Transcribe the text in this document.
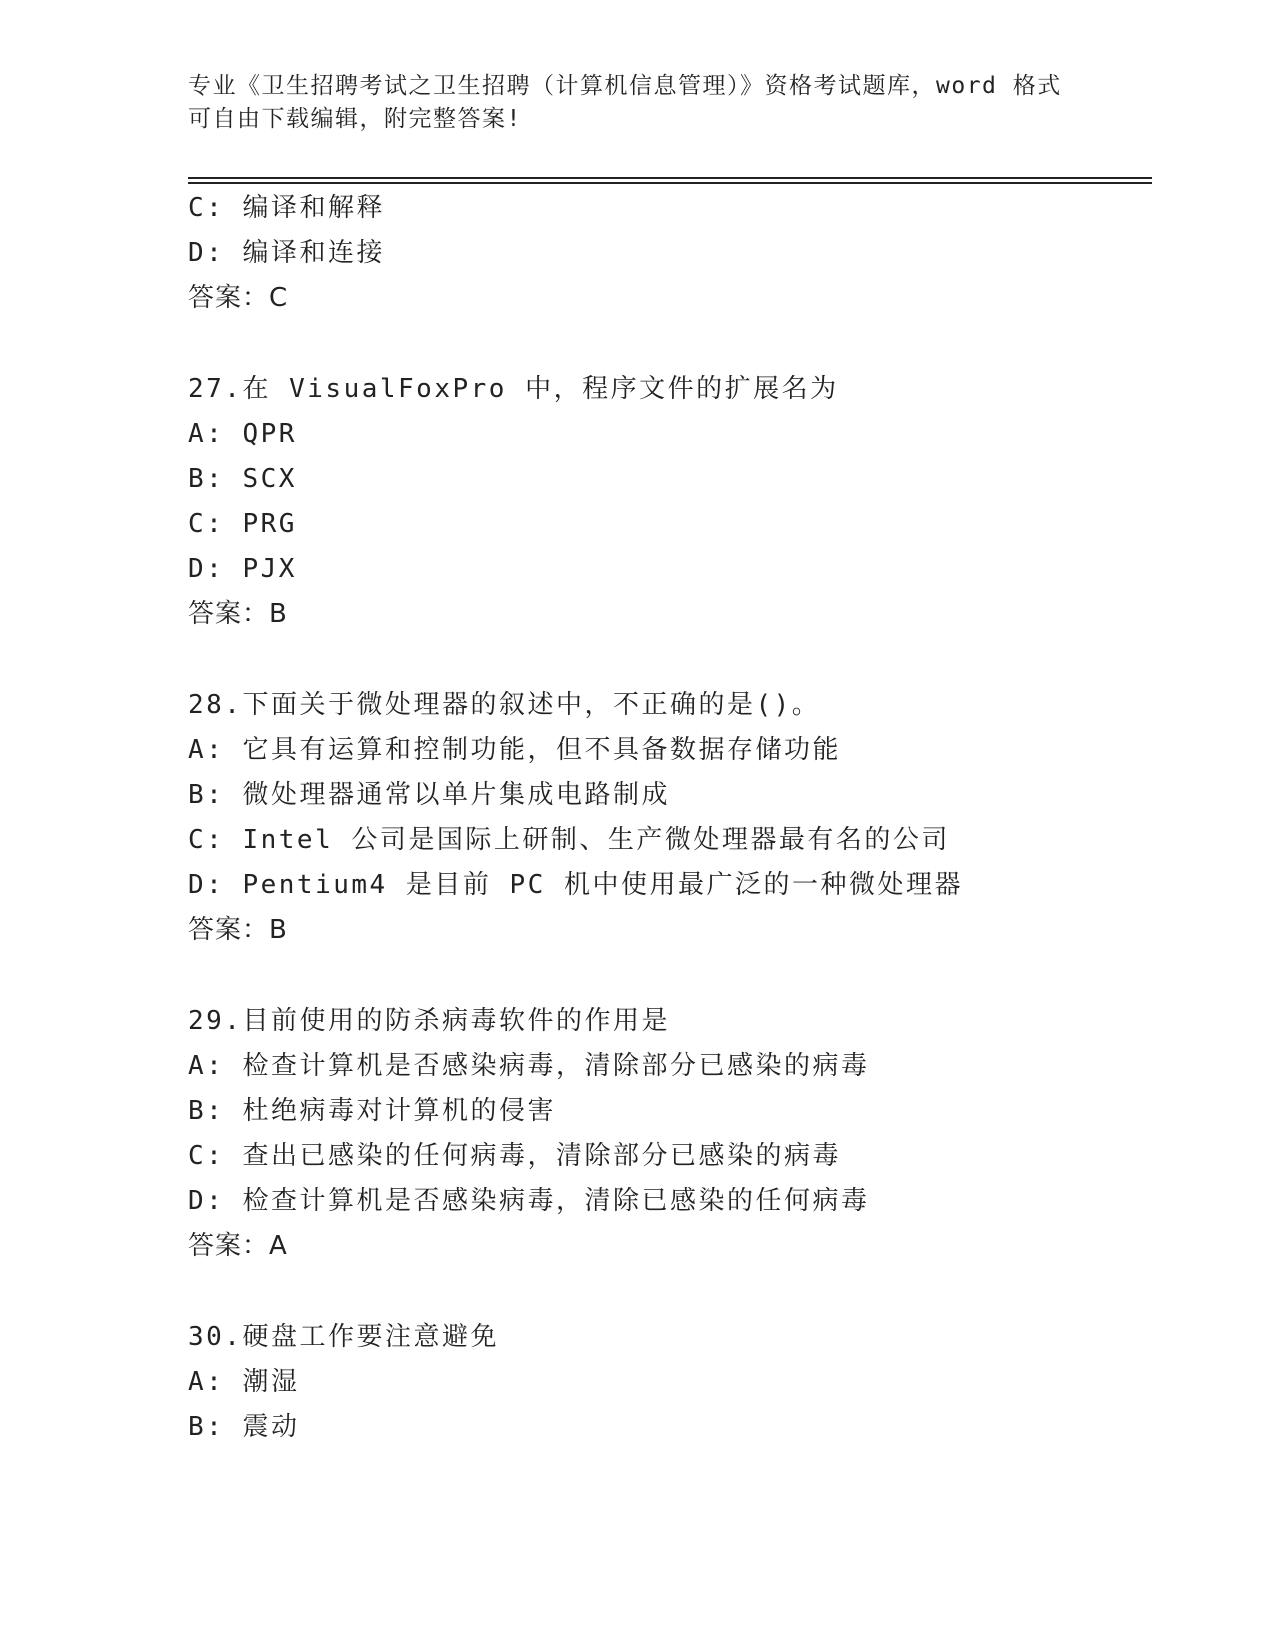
专业《卫生招聘考试之卫生招聘（计算机信息管理）》资格考试题库，word 格式
可自由下载编辑，附完整答案!
C: 编译和解释
D: 编译和连接
答案：C
27.在 VisualFoxPro 中，程序文件的扩展名为
A: QPR
B: SCX
C: PRG
D: PJX
答案：B
28.下面关于微处理器的叙述中，不正确的是()。
A: 它具有运算和控制功能，但不具备数据存储功能
B: 微处理器通常以单片集成电路制成
C: Intel 公司是国际上研制、生产微处理器最有名的公司
D: Pentium4 是目前 PC 机中使用最广泛的一种微处理器
答案：B
29.目前使用的防杀病毒软件的作用是
A: 检查计算机是否感染病毒，清除部分已感染的病毒
B: 杜绝病毒对计算机的侵害
C: 查出已感染的任何病毒，清除部分已感染的病毒
D: 检查计算机是否感染病毒，清除已感染的任何病毒
答案：A
30.硬盘工作要注意避免
A: 潮湿
B: 震动
